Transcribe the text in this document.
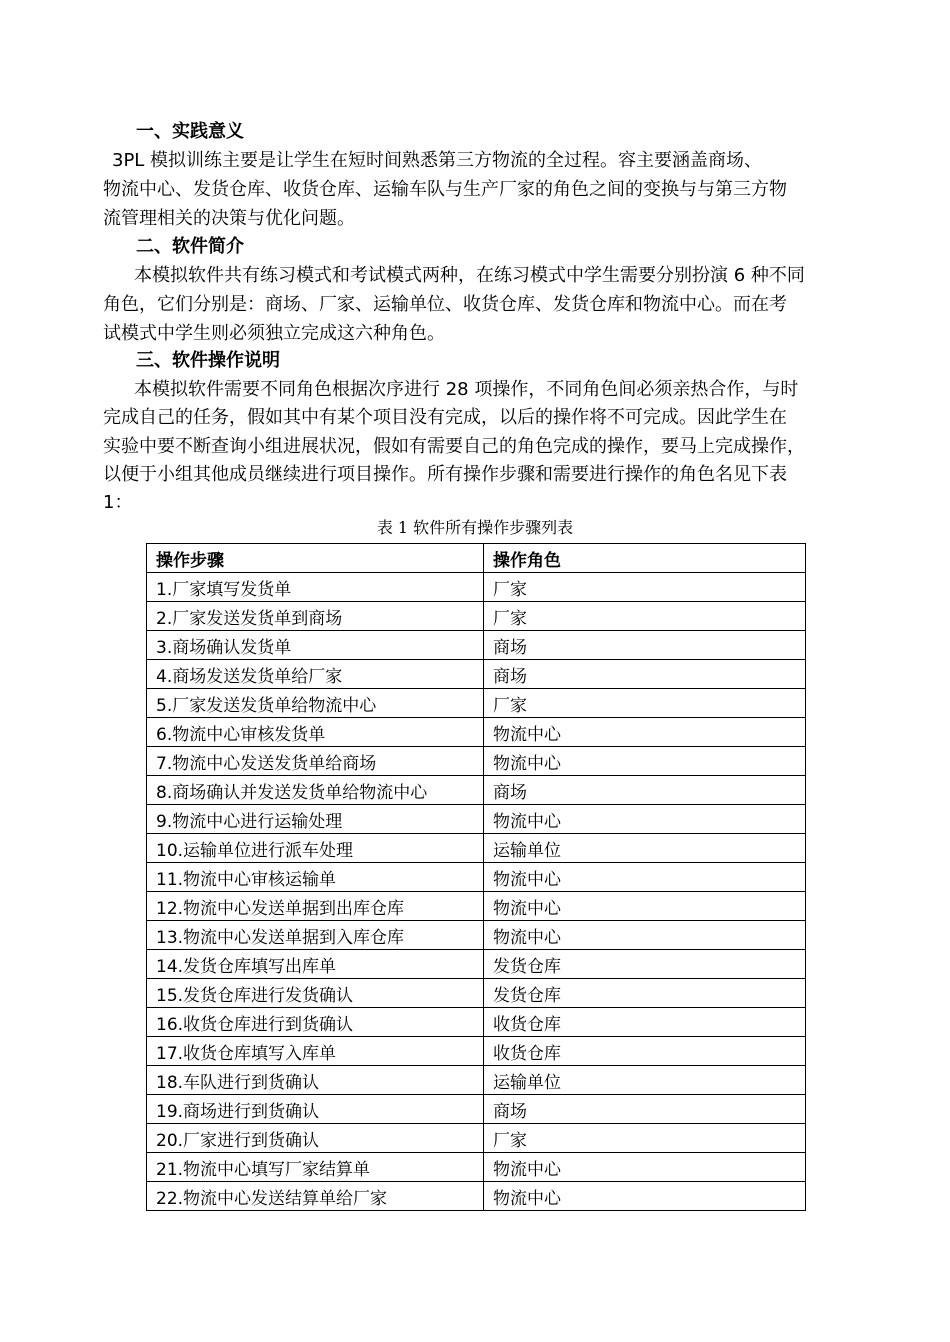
一、实践意义
3PL 模拟训练主要是让学生在短时间熟悉第三方物流的全过程。容主要涵盖商场、
物流中心、发货仓库、收货仓库、运输车队与生产厂家的角色之间的变换与与第三方物
流管理相关的决策与优化问题。
二、软件简介
本模拟软件共有练习模式和考试模式两种，在练习模式中学生需要分别扮演 6 种不同
角色，它们分别是：商场、厂家、运输单位、收货仓库、发货仓库和物流中心。而在考
试模式中学生则必须独立完成这六种角色。
三、软件操作说明
本模拟软件需要不同角色根据次序进行 28 项操作，不同角色间必须亲热合作，与时
完成自己的任务，假如其中有某个项目没有完成，以后的操作将不可完成。因此学生在
实验中要不断查询小组进展状况，假如有需要自己的角色完成的操作，要马上完成操作，
以便于小组其他成员继续进行项目操作。所有操作步骤和需要进行操作的角色名见下表
1：
表 1 软件所有操作步骤列表
操作步骤	操作角色
1.厂家填写发货单	厂家
2.厂家发送发货单到商场	厂家
3.商场确认发货单	商场
4.商场发送发货单给厂家	商场
5.厂家发送发货单给物流中心	厂家
6.物流中心审核发货单	物流中心
7.物流中心发送发货单给商场	物流中心
8.商场确认并发送发货单给物流中心	商场
9.物流中心进行运输处理	物流中心
10.运输单位进行派车处理	运输单位
11.物流中心审核运输单	物流中心
12.物流中心发送单据到出库仓库	物流中心
13.物流中心发送单据到入库仓库	物流中心
14.发货仓库填写出库单	发货仓库
15.发货仓库进行发货确认	发货仓库
16.收货仓库进行到货确认	收货仓库
17.收货仓库填写入库单	收货仓库
18.车队进行到货确认	运输单位
19.商场进行到货确认	商场
20.厂家进行到货确认	厂家
21.物流中心填写厂家结算单	物流中心
22.物流中心发送结算单给厂家	物流中心
